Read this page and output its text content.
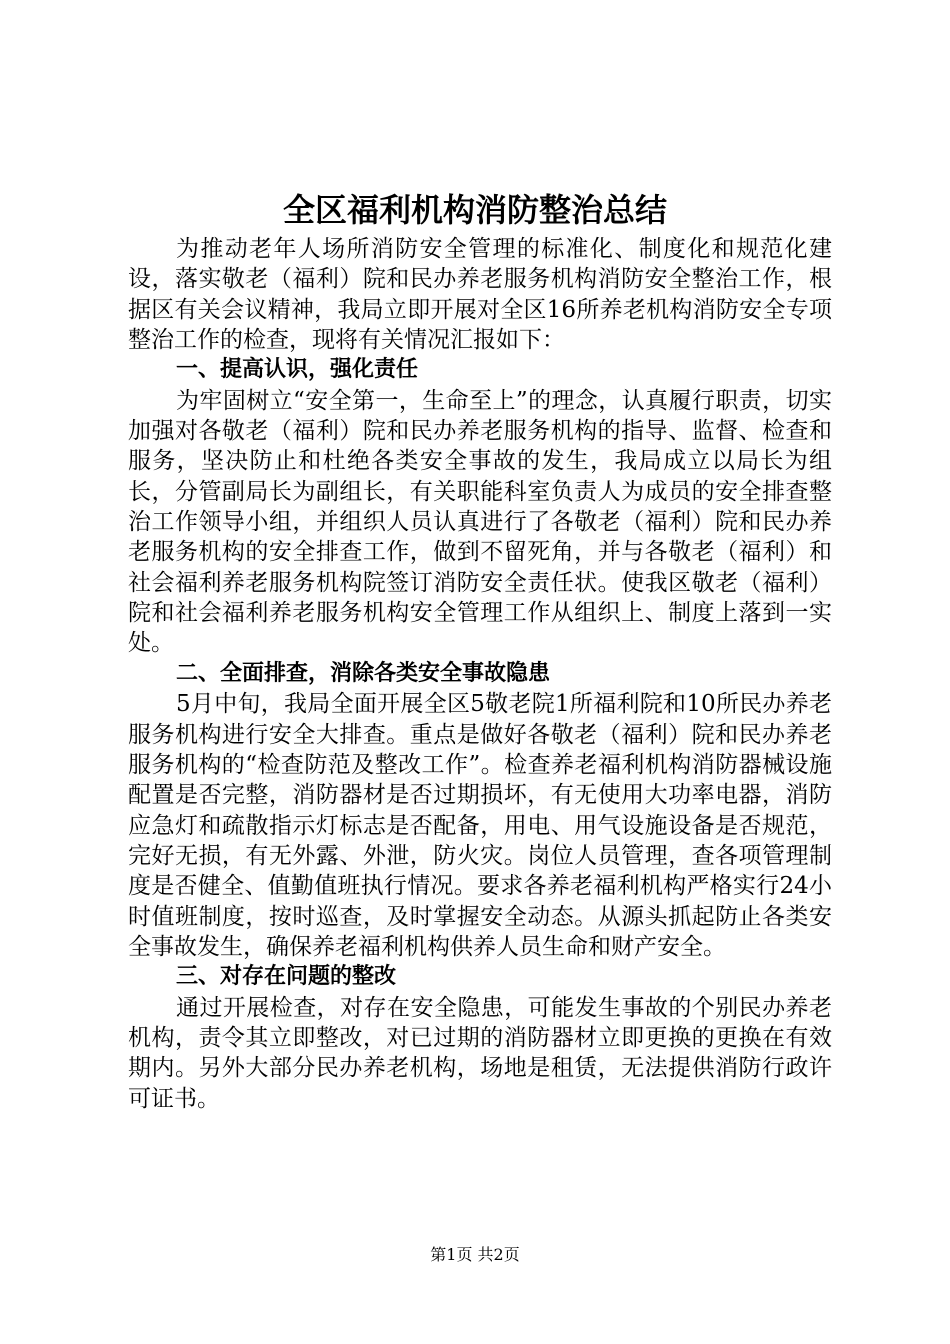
全区福利机构消防整治总结

为推动老年人场所消防安全管理的标准化、制度化和规范化建设，落实敬老（福利）院和民办养老服务机构消防安全整治工作，根据区有关会议精神，我局立即开展对全区16所养老机构消防安全专项整治工作的检查，现将有关情况汇报如下：

一、提高认识，强化责任

为牢固树立“安全第一，生命至上”的理念，认真履行职责，切实加强对各敬老（福利）院和民办养老服务机构的指导、监督、检查和服务，坚决防止和杜绝各类安全事故的发生，我局成立以局长为组长，分管副局长为副组长，有关职能科室负责人为成员的安全排查整治工作领导小组，并组织人员认真进行了各敬老（福利）院和民办养老服务机构的安全排查工作，做到不留死角，并与各敬老（福利）和社会福利养老服务机构院签订消防安全责任状。使我区敬老（福利）院和社会福利养老服务机构安全管理工作从组织上、制度上落到一实处。

二、全面排查，消除各类安全事故隐患

5月中旬，我局全面开展全区5敬老院1所福利院和10所民办养老服务机构进行安全大排查。重点是做好各敬老（福利）院和民办养老服务机构的“检查防范及整改工作”。检查养老福利机构消防器械设施配置是否完整，消防器材是否过期损坏，有无使用大功率电器，消防应急灯和疏散指示灯标志是否配备，用电、用气设施设备是否规范，完好无损，有无外露、外泄，防火灾。岗位人员管理，查各项管理制度是否健全、值勤值班执行情况。要求各养老福利机构严格实行24小时值班制度，按时巡查，及时掌握安全动态。从源头抓起防止各类安全事故发生，确保养老福利机构供养人员生命和财产安全。

三、对存在问题的整改

通过开展检查，对存在安全隐患，可能发生事故的个别民办养老机构，责令其立即整改，对已过期的消防器材立即更换的更换在有效期内。另外大部分民办养老机构，场地是租赁，无法提供消防行政许可证书。

第1页 共2页
